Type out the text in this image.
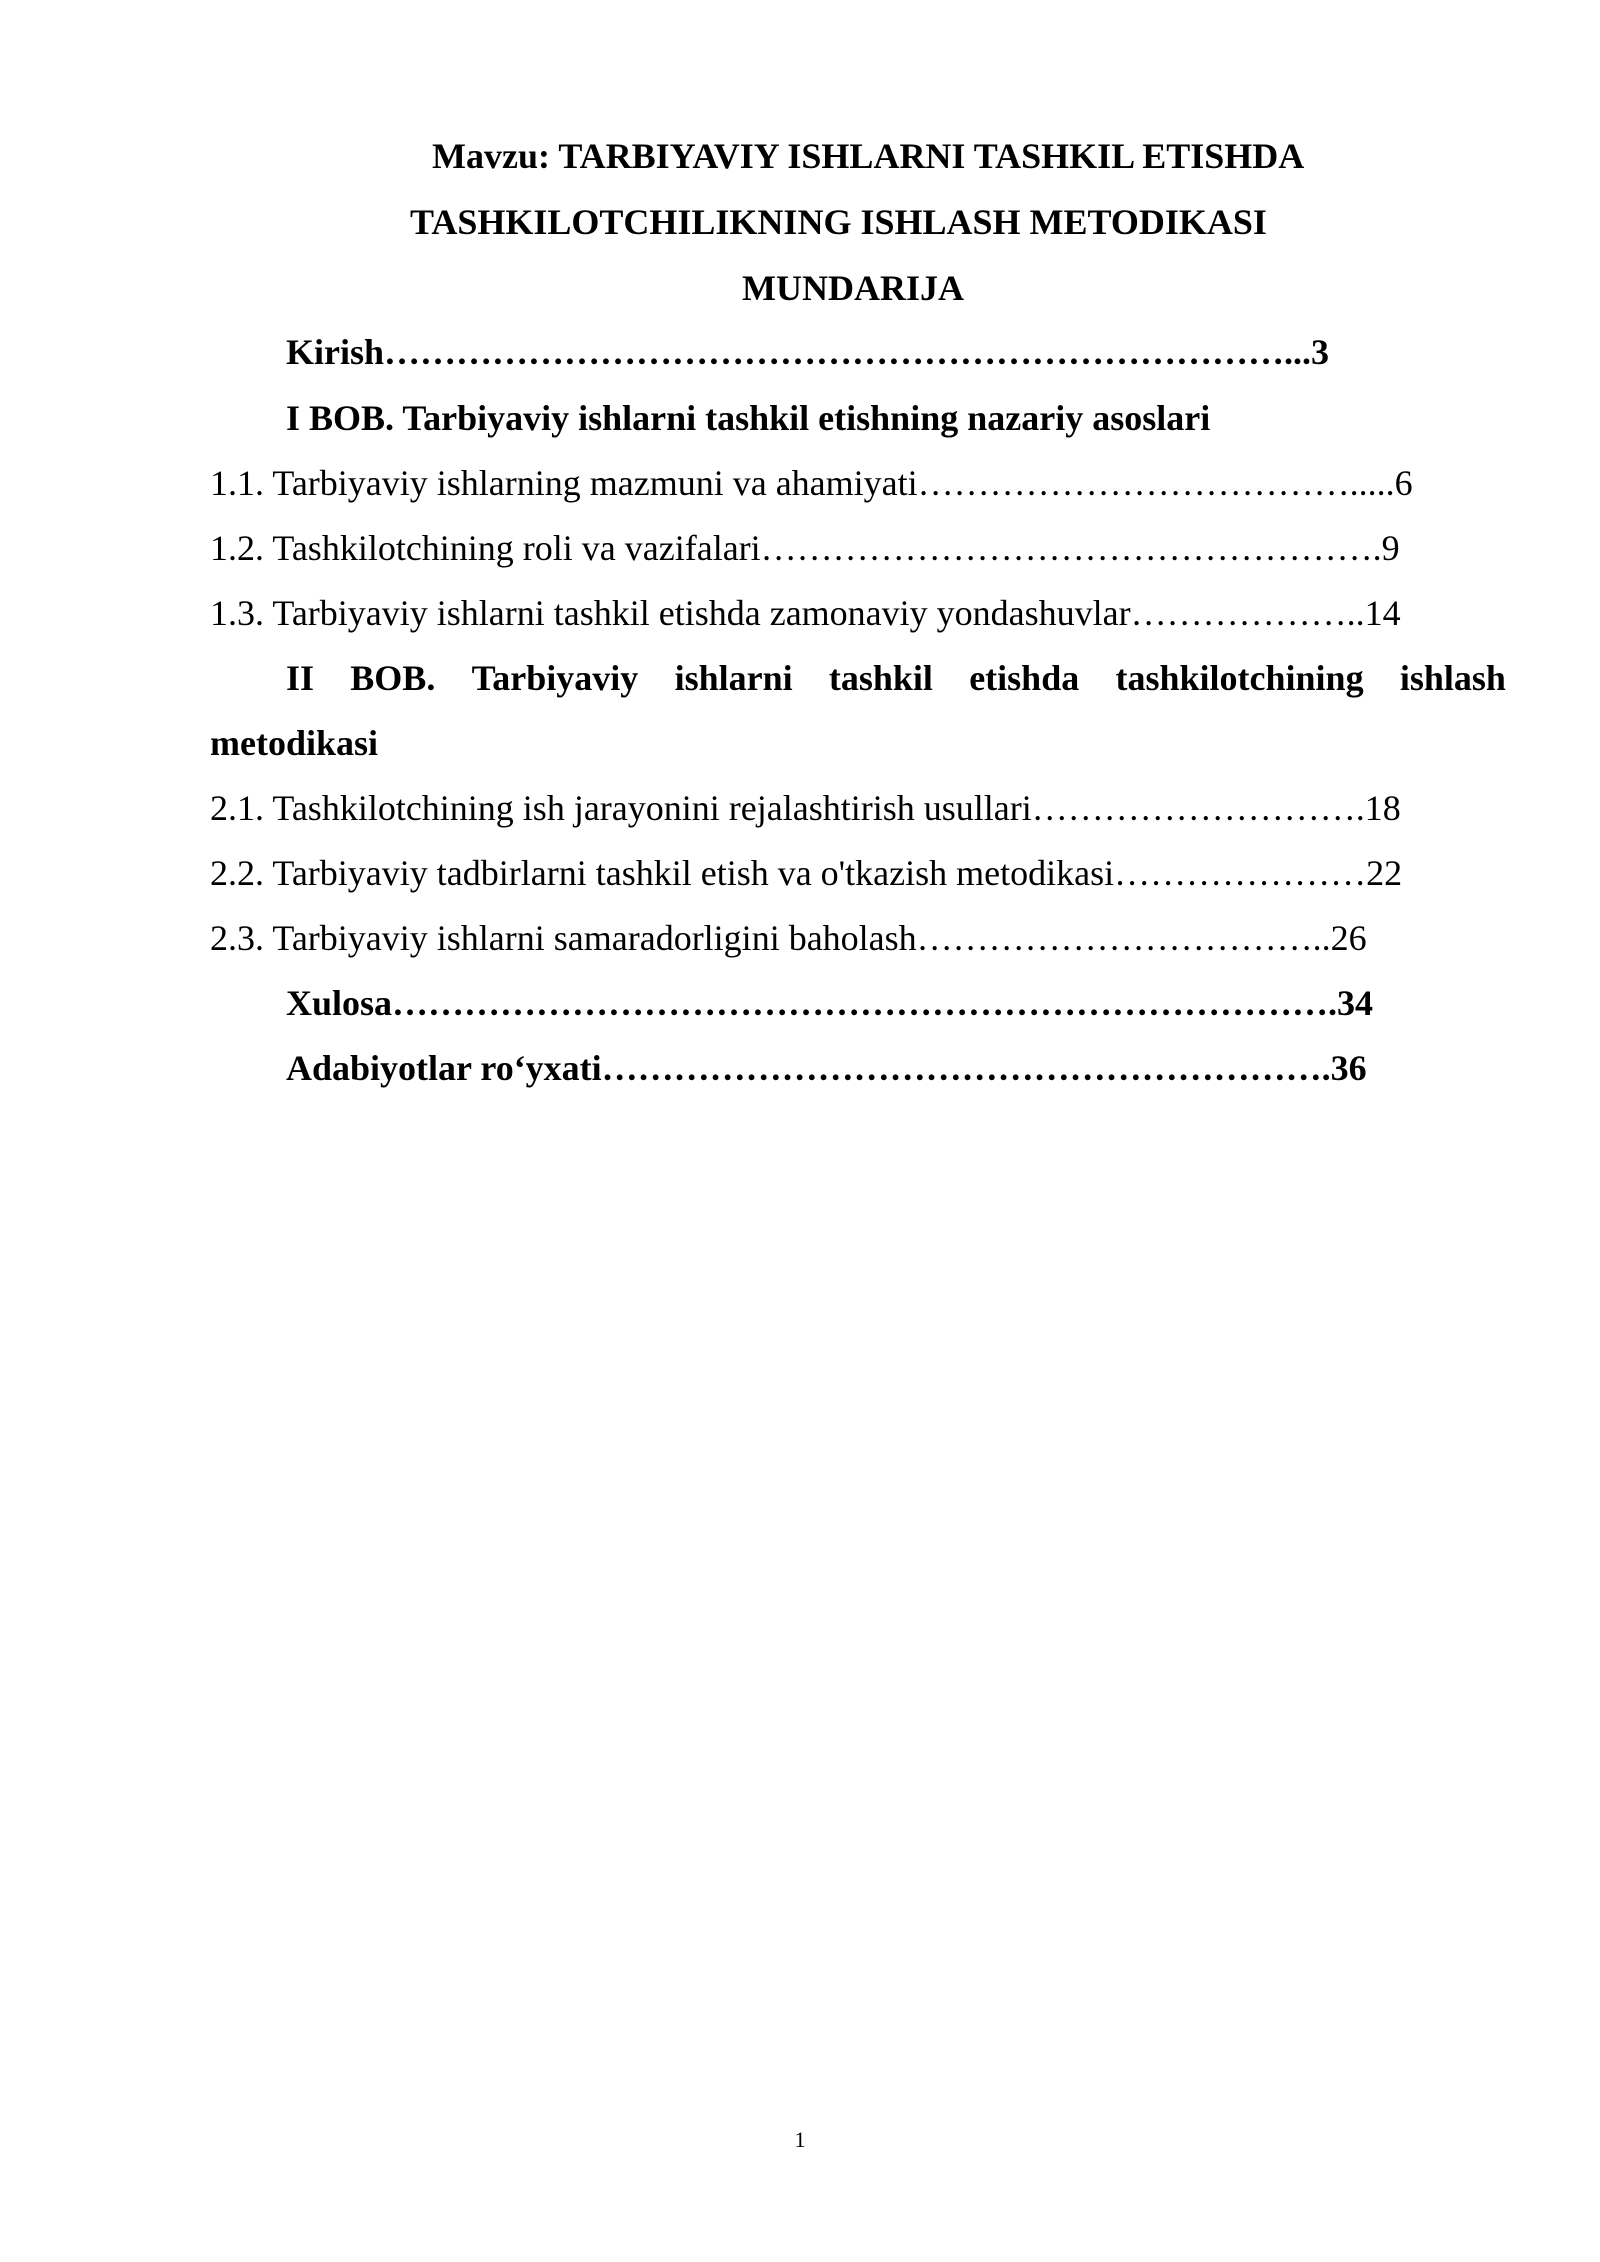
Mavzu: TARBIYAVIY ISHLARNI TASHKIL ETISHDA
TASHKILOTCHILIKNING ISHLASH METODIKASI
MUNDARIJA
Kirish…………………………………………………………………...3
I BOB. Tarbiyaviy ishlarni tashkil etishning nazariy asoslari
1.1. Tarbiyaviy ishlarning mazmuni va ahamiyati……………………………….....6
1.2. Tashkilotchining roli va vazifalari…………………………………………….9
1.3. Tarbiyaviy ishlarni tashkil etishda zamonaviy yondashuvlar………………..14
II BOB. Tarbiyaviy ishlarni tashkil etishda tashkilotchining ishlash
metodikasi
2.1. Tashkilotchining ish jarayonini rejalashtirish usullari……………………….18
2.2. Tarbiyaviy tadbirlarni tashkil etish va o'tkazish metodikasi…………………22
2.3. Tarbiyaviy ishlarni samaradorligini baholash……………………………..26
Xulosa…………………………………………………………………….34
Adabiyotlar ro‘yxati…………………………………………………….36
1
